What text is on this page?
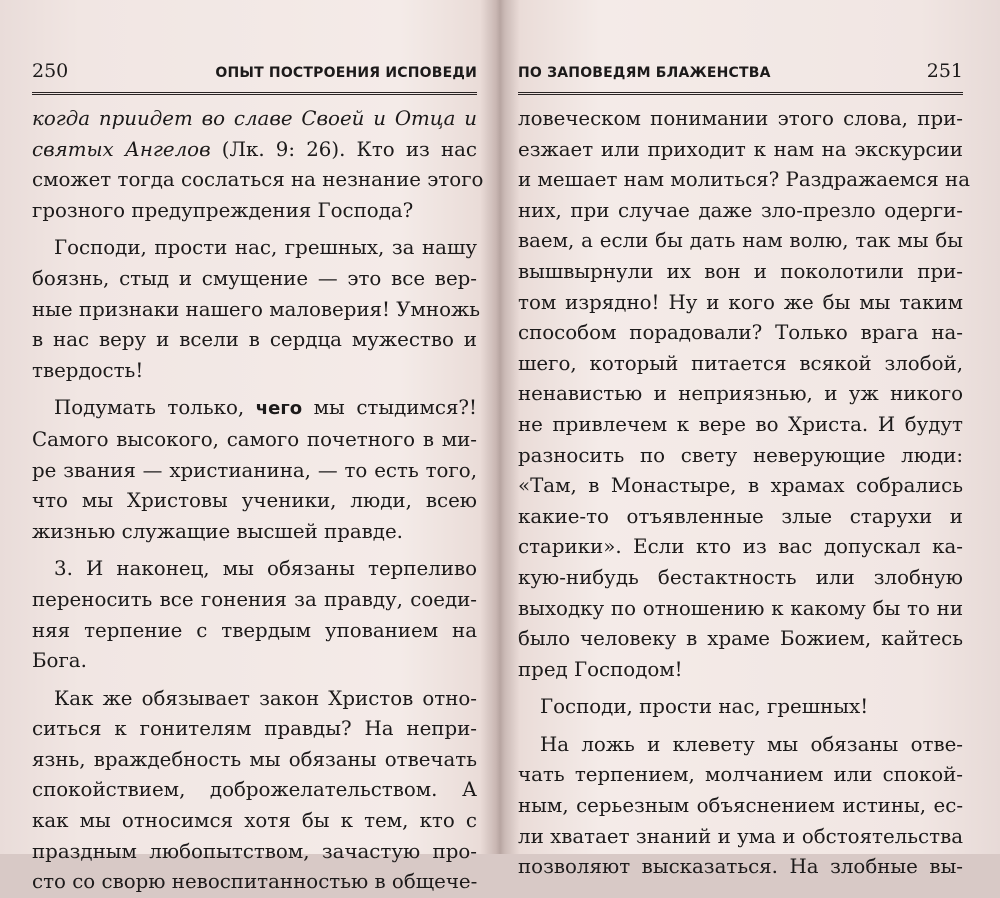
250	ОПЫТ ПОСТРОЕНИЯ ИСПОВЕДИ
когда приидет во славе Своей и Отца и
святых Ангелов (Лк. 9: 26). Кто из нас
сможет тогда сослаться на незнание этого
грозного предупреждения Господа?
Господи, прости нас, грешных, за нашу
боязнь, стыд и смущение — это все вер-
ные признаки нашего маловерия! Умножь
в нас веру и всели в сердца мужество и
твердость!
Подумать только, чего мы стыдимся?!
Самого высокого, самого почетного в ми-
ре звания — христианина, — то есть того,
что мы Христовы ученики, люди, всею
жизнью служащие высшей правде.
3. И наконец, мы обязаны терпеливо
переносить все гонения за правду, соеди-
няя терпение с твердым упованием на
Бога.
Как же обязывает закон Христов отно-
ситься к гонителям правды? На непри-
язнь, враждебность мы обязаны отвечать
спокойствием, доброжелательством. А
как мы относимся хотя бы к тем, кто с
праздным любопытством, зачастую про-
сто со сворю невоспитанностью в общече-
ПО ЗАПОВЕДЯМ БЛАЖЕНСТВА	251
ловеческом понимании этого слова, при-
езжает или приходит к нам на экскурсии
и мешает нам молиться? Раздражаемся на
них, при случае даже зло-презло одерги-
ваем, а если бы дать нам волю, так мы бы
вышвырнули их вон и поколотили при-
том изрядно! Ну и кого же бы мы таким
способом порадовали? Только врага на-
шего, который питается всякой злобой,
ненавистью и неприязнью, и уж никого
не привлечем к вере во Христа. И будут
разносить по свету неверующие люди:
«Там, в Монастыре, в храмах собрались
какие-то отъявленные злые старухи и
старики». Если кто из вас допускал ка-
кую-нибудь бестактность или злобную
выходку по отношению к какому бы то ни
было человеку в храме Божием, кайтесь
пред Господом!
Господи, прости нас, грешных!
На ложь и клевету мы обязаны отве-
чать терпением, молчанием или спокой-
ным, серьезным объяснением истины, ес-
ли хватает знаний и ума и обстоятельства
позволяют высказаться. На злобные вы-
